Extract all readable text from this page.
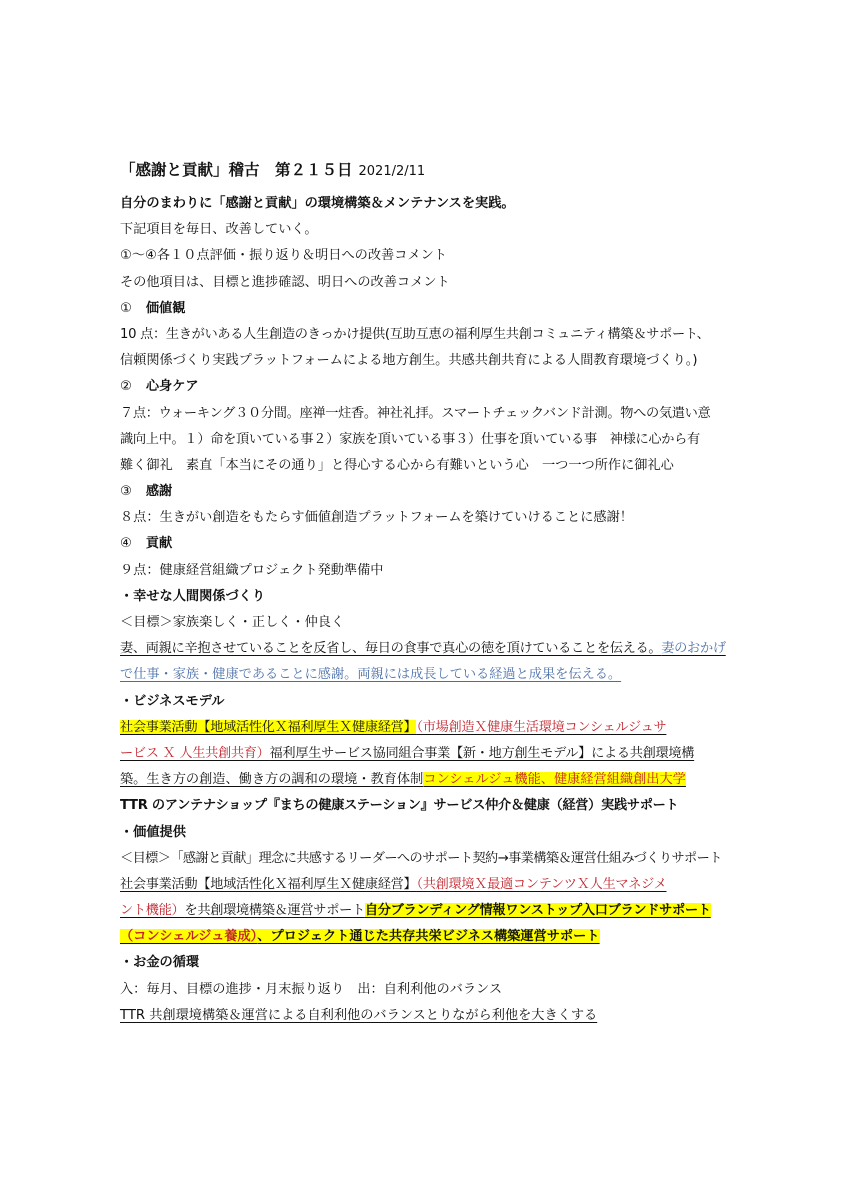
「感謝と貢献」稽古　第２１５日 2021/2/11
自分のまわりに「感謝と貢献」の環境構築＆メンテナンスを実践。
下記項目を毎日、改善していく。
①～④各１０点評価・振り返り＆明日への改善コメント
その他項目は、目標と進捗確認、明日への改善コメント
① 価値観
10 点：生きがいある人生創造のきっかけ提供(互助互恵の福利厚生共創コミュニティ構築＆サポート、
信頼関係づくり実践プラットフォームによる地方創生。共感共創共育による人間教育環境づくり。)
② 心身ケア
７点：ウォーキング３０分間。座禅一炷香。神社礼拝。スマートチェックバンド計測。物への気遣い意
識向上中。１）命を頂いている事２）家族を頂いている事３）仕事を頂いている事　神様に心から有
難く御礼　素直「本当にその通り」と得心する心から有難いという心　一つ一つ所作に御礼心
③ 感謝
８点：生きがい創造をもたらす価値創造プラットフォームを築けていけることに感謝！
④ 貢献
９点：健康経営組織プロジェクト発動準備中
・幸せな人間関係づくり
＜目標＞家族楽しく・正しく・仲良く
妻、両親に辛抱させていることを反省し、毎日の食事で真心の徳を頂けていることを伝える。妻のおかげ
で仕事・家族・健康であることに感謝。両親には成長している経過と成果を伝える。
・ビジネスモデル
社会事業活動【地域活性化Ｘ福利厚生Ｘ健康経営】（市場創造Ｘ健康生活環境コンシェルジュサ
ービス Ｘ 人生共創共育）福利厚生サービス協同組合事業【新・地方創生モデル】による共創環境構
築。生き方の創造、働き方の調和の環境・教育体制コンシェルジュ機能、健康経営組織創出大学
TTR のアンテナショップ『まちの健康ステーション』サービス仲介＆健康（経営）実践サポート
・価値提供
＜目標＞「感謝と貢献」理念に共感するリーダーへのサポート契約→事業構築＆運営仕組みづくりサポート
社会事業活動【地域活性化Ｘ福利厚生Ｘ健康経営】（共創環境Ｘ最適コンテンツＸ人生マネジメ
ント機能）を共創環境構築＆運営サポート自分ブランディング情報ワンストップ入口ブランドサポート
（コンシェルジュ養成）、プロジェクト通じた共存共栄ビジネス構築運営サポート
・お金の循環
入：毎月、目標の進捗・月末振り返り　出：自利利他のバランス
TTR 共創環境構築＆運営による自利利他のバランスとりながら利他を大きくする
